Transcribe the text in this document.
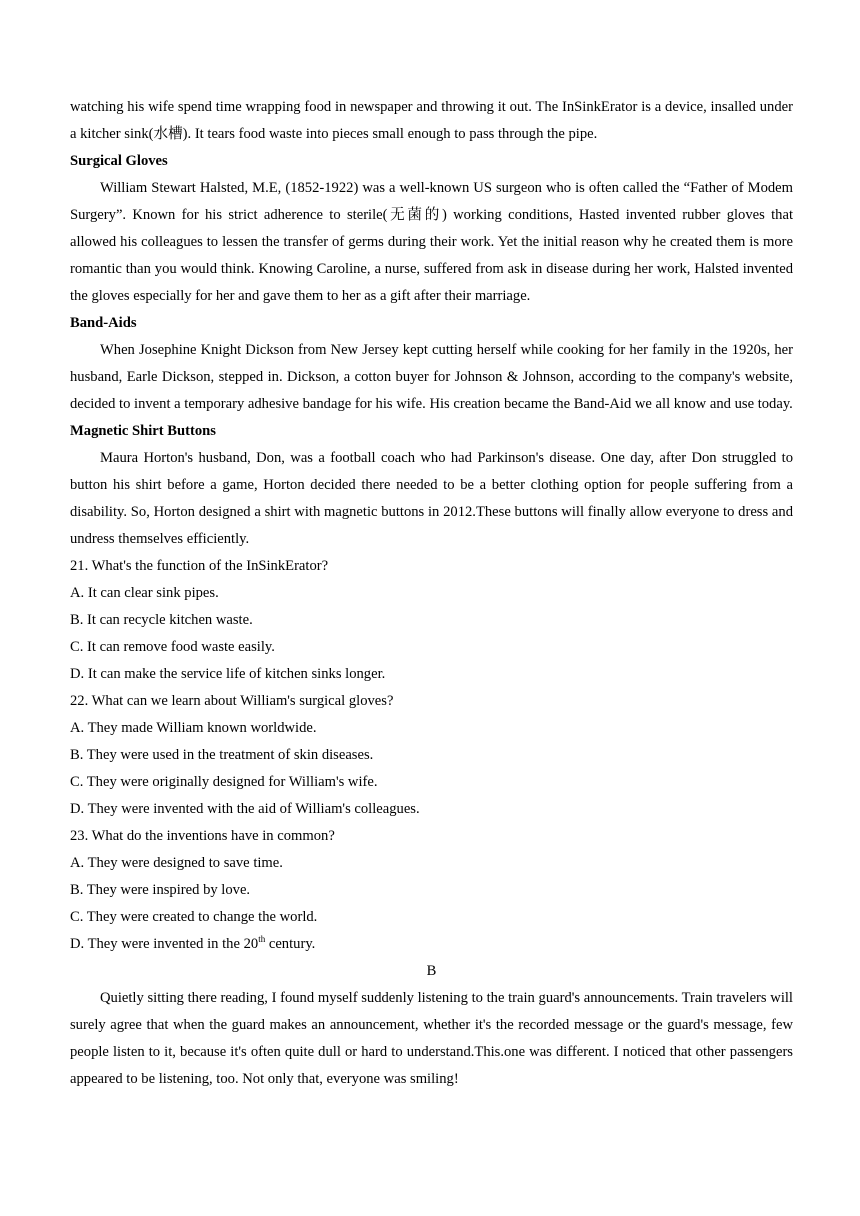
watching his wife spend time wrapping food in newspaper and throwing it out. The InSinkErator is a device, insalled under a kitcher sink(水槽). It tears food waste into pieces small enough to pass through the pipe.

Surgical Gloves

William Stewart Halsted, M.E, (1852-1922) was a well-known US surgeon who is often called the “Father of Modem Surgery”. Known for his strict adherence to sterile(无菌的) working conditions, Hasted invented rubber gloves that allowed his colleagues to lessen the transfer of germs during their work. Yet the initial reason why he created them is more romantic than you would think. Knowing Caroline, a nurse, suffered from ask in disease during her work, Halsted invented the gloves especially for her and gave them to her as a gift after their marriage.

Band-Aids

When Josephine Knight Dickson from New Jersey kept cutting herself while cooking for her family in the 1920s, her husband, Earle Dickson, stepped in. Dickson, a cotton buyer for Johnson & Johnson, according to the company's website, decided to invent a temporary adhesive bandage for his wife. His creation became the Band-Aid we all know and use today.

Magnetic Shirt Buttons

Maura Horton's husband, Don, was a football coach who had Parkinson's disease. One day, after Don struggled to button his shirt before a game, Horton decided there needed to be a better clothing option for people suffering from a disability. So, Horton designed a shirt with magnetic buttons in 2012.These buttons will finally allow everyone to dress and undress themselves efficiently.

21. What's the function of the InSinkErator?

A. It can clear sink pipes.

B. It can recycle kitchen waste.

C. It can remove food waste easily.

D. It can make the service life of kitchen sinks longer.

22. What can we learn about William's surgical gloves?

A. They made William known worldwide.

B. They were used in the treatment of skin diseases.

C. They were originally designed for William's wife.

D. They were invented with the aid of William's colleagues.

23. What do the inventions have in common?

A. They were designed to save time.

B. They were inspired by love.

C. They were created to change the world.

D. They were invented in the 20th century.

B

Quietly sitting there reading, I found myself suddenly listening to the train guard's announcements. Train travelers will surely agree that when the guard makes an announcement, whether it's the recorded message or the guard's message, few people listen to it, because it's often quite dull or hard to understand.This.one was different. I noticed that other passengers appeared to be listening, too. Not only that, everyone was smiling!
